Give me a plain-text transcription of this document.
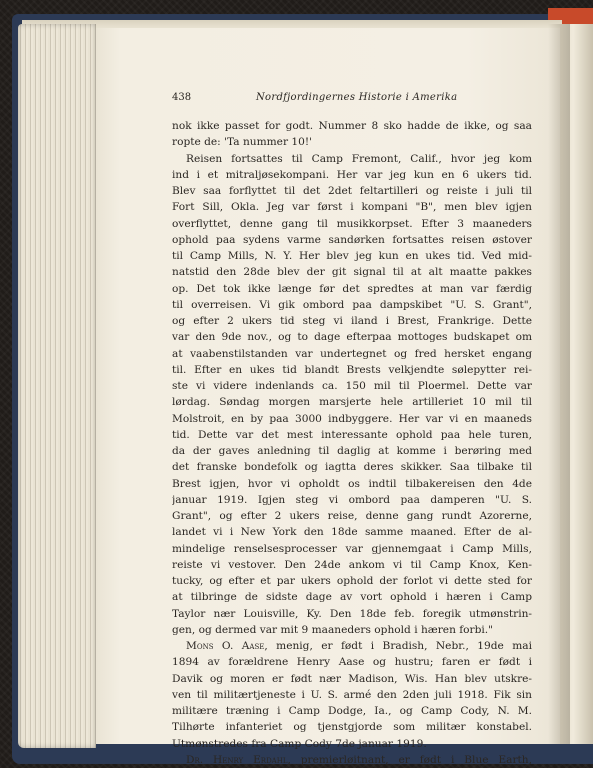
438	Nordfjordingernes Historie i Amerika
nok ikke passet for godt. Nummer 8 sko hadde de ikke, og saa
ropte de: 'Ta nummer 10!'
Reisen fortsattes til Camp Fremont, Calif., hvor jeg kom
ind i et mitraljøsekompani. Her var jeg kun en 6 ukers tid.
Blev saa forflyttet til det 2det feltartilleri og reiste i juli til
Fort Sill, Okla. Jeg var først i kompani "B", men blev igjen
overflyttet, denne gang til musikkorpset. Efter 3 maaneders
ophold paa sydens varme sandørken fortsattes reisen østover
til Camp Mills, N. Y. Her blev jeg kun en ukes tid. Ved mid-
natstid den 28de blev der git signal til at alt maatte pakkes
op. Det tok ikke længe før det spredtes at man var færdig
til overreisen. Vi gik ombord paa dampskibet "U. S. Grant",
og efter 2 ukers tid steg vi iland i Brest, Frankrige. Dette
var den 9de nov., og to dage efterpaa mottoges budskapet om
at vaabenstilstanden var undertegnet og fred hersket engang
til. Efter en ukes tid blandt Brests velkjendte sølepytter rei-
ste vi videre indenlands ca. 150 mil til Ploermel. Dette var
lørdag. Søndag morgen marsjerte hele artilleriet 10 mil til
Molstroit, en by paa 3000 indbyggere. Her var vi en maaneds
tid. Dette var det mest interessante ophold paa hele turen,
da der gaves anledning til daglig at komme i berøring med
det franske bondefolk og iagtta deres skikker. Saa tilbake til
Brest igjen, hvor vi opholdt os indtil tilbakereisen den 4de
januar 1919. Igjen steg vi ombord paa damperen "U. S.
Grant", og efter 2 ukers reise, denne gang rundt Azorerne,
landet vi i New York den 18de samme maaned. Efter de al-
mindelige renselsesprocesser var gjennemgaat i Camp Mills,
reiste vi vestover. Den 24de ankom vi til Camp Knox, Ken-
tucky, og efter et par ukers ophold der forlot vi dette sted for
at tilbringe de sidste dage av vort ophold i hæren i Camp
Taylor nær Louisville, Ky. Den 18de feb. foregik utmønstrin-
gen, og dermed var mit 9 maaneders ophold i hæren forbi."
Mons O. Aase, menig, er født i Bradish, Nebr., 19de mai
1894 av forældrene Henry Aase og hustru; faren er født i
Davik og moren er født nær Madison, Wis. Han blev utskre-
ven til militærtjeneste i U. S. armé den 2den juli 1918. Fik sin
militære træning i Camp Dodge, Ia., og Camp Cody, N. M.
Tilhørte infanteriet og tjenstgjorde som militær konstabel.
Utmønstredes fra Camp Cody 7de januar 1919.
Dr. Henry Erdahl, premierløitnant, er født i Blue Earth,
